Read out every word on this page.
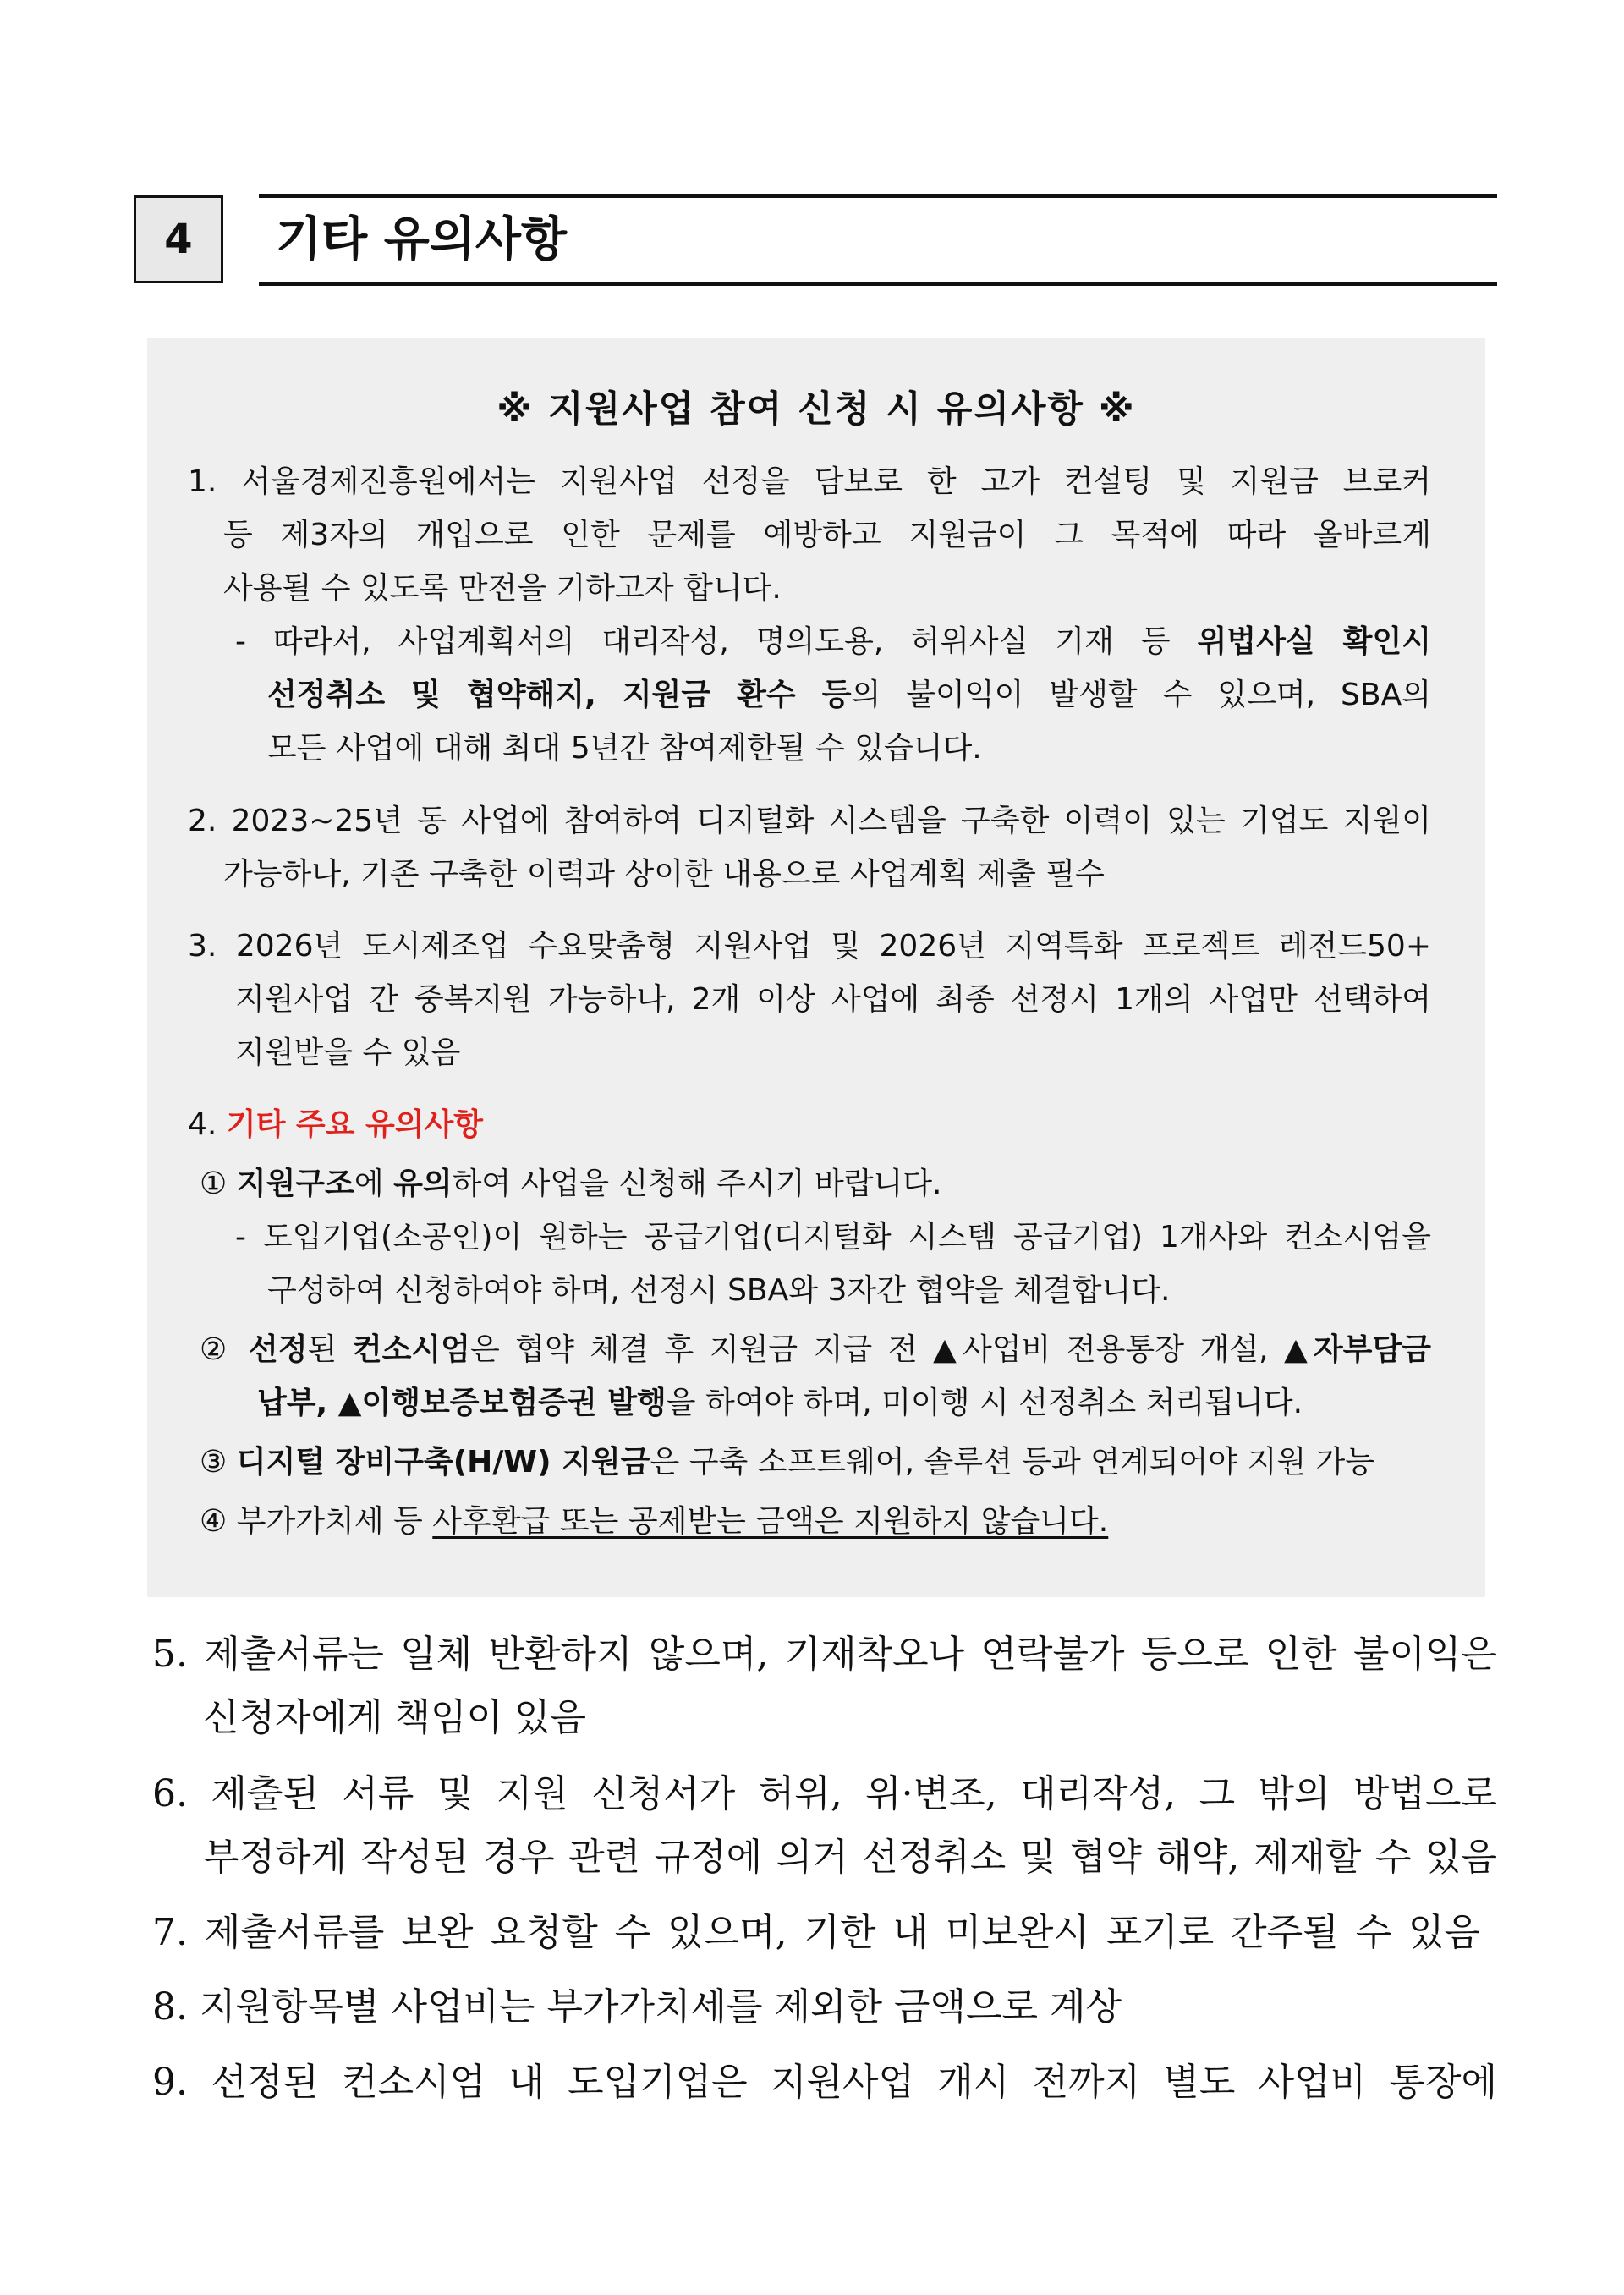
4	기타 유의사항
※ 지원사업 참여 신청 시 유의사항 ※
1. 서울경제진흥원에서는 지원사업 선정을 담보로 한 고가 컨설팅 및 지원금 브로커
등 제3자의 개입으로 인한 문제를 예방하고 지원금이 그 목적에 따라 올바르게
사용될 수 있도록 만전을 기하고자 합니다.
- 따라서, 사업계획서의 대리작성, 명의도용, 허위사실 기재 등 위법사실 확인시
선정취소 및 협약해지, 지원금 환수 등의 불이익이 발생할 수 있으며, SBA의
모든 사업에 대해 최대 5년간 참여제한될 수 있습니다.
2. 2023~25년 동 사업에 참여하여 디지털화 시스템을 구축한 이력이 있는 기업도 지원이
가능하나, 기존 구축한 이력과 상이한 내용으로 사업계획 제출 필수
3. 2026년 도시제조업 수요맞춤형 지원사업 및 2026년 지역특화 프로젝트 레전드50+
지원사업 간 중복지원 가능하나, 2개 이상 사업에 최종 선정시 1개의 사업만 선택하여
지원받을 수 있음
4. 기타 주요 유의사항
① 지원구조에 유의하여 사업을 신청해 주시기 바랍니다.
- 도입기업(소공인)이 원하는 공급기업(디지털화 시스템 공급기업) 1개사와 컨소시엄을
구성하여 신청하여야 하며, 선정시 SBA와 3자간 협약을 체결합니다.
② 선정된 컨소시엄은 협약 체결 후 지원금 지급 전 ▲사업비 전용통장 개설, ▲자부담금
납부, ▲이행보증보험증권 발행을 하여야 하며, 미이행 시 선정취소 처리됩니다.
③ 디지털 장비구축(H/W) 지원금은 구축 소프트웨어, 솔루션 등과 연계되어야 지원 가능
④ 부가가치세 등 사후환급 또는 공제받는 금액은 지원하지 않습니다.
5. 제출서류는 일체 반환하지 않으며, 기재착오나 연락불가 등으로 인한 불이익은
신청자에게 책임이 있음
6. 제출된 서류 및 지원 신청서가 허위, 위·변조, 대리작성, 그 밖의 방법으로
부정하게 작성된 경우 관련 규정에 의거 선정취소 및 협약 해약, 제재할 수 있음
7. 제출서류를 보완 요청할 수 있으며, 기한 내 미보완시 포기로 간주될 수 있음
8. 지원항목별 사업비는 부가가치세를 제외한 금액으로 계상
9. 선정된 컨소시엄 내 도입기업은 지원사업 개시 전까지 별도 사업비 통장에
